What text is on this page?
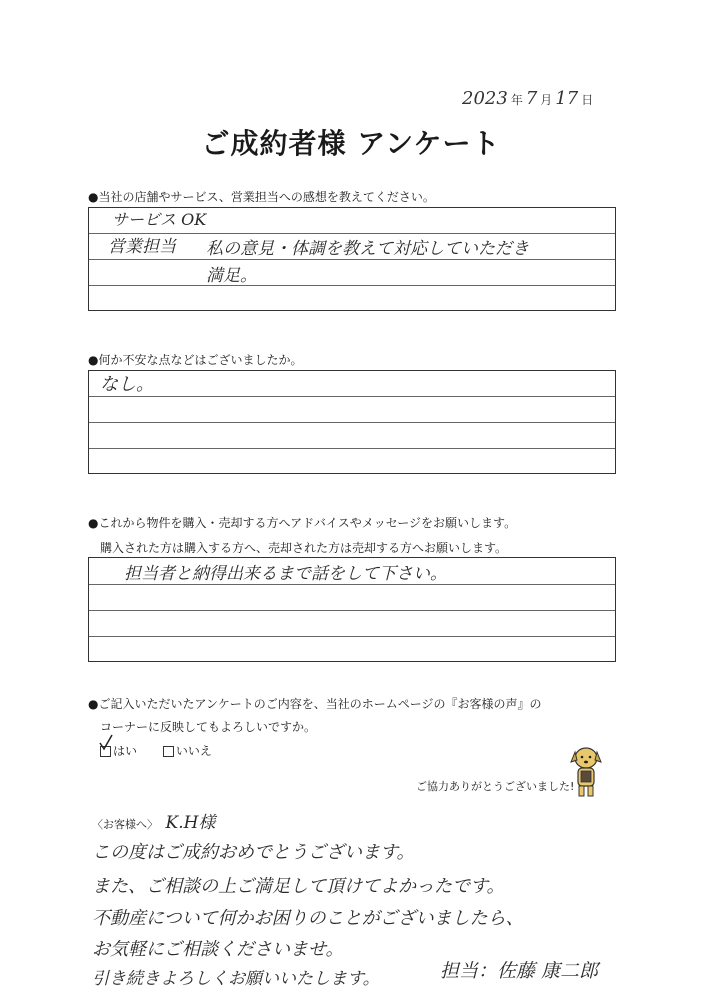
2023 年 7 月 17 日
ご成約者様 アンケート
●当社の店舗やサービス、営業担当への感想を教えてください。
サービス OK
営業担当 私の意見・体調を教えて対応していただき
満足。
●何か不安な点などはございましたか。
なし。
●これから物件を購入・売却する方へアドバイスやメッセージをお願いします。
購入された方は購入する方へ、売却された方は売却する方へお願いします。
担当者と納得出来るまで話をして下さい。
●ご記入いただいたアンケートのご内容を、当社のホームページの『お客様の声』の
コーナーに反映してもよろしいですか。
はい	いいえ
ご協力ありがとうございました!
〈お客様へ〉 K.H様
この度はご成約おめでとうございます。
また、ご相談の上ご満足して頂けてよかったです。
不動産について何かお困りのことがございましたら、
お気軽にご相談くださいませ。
引き続きよろしくお願いいたします。	担当：佐藤 康二郎
